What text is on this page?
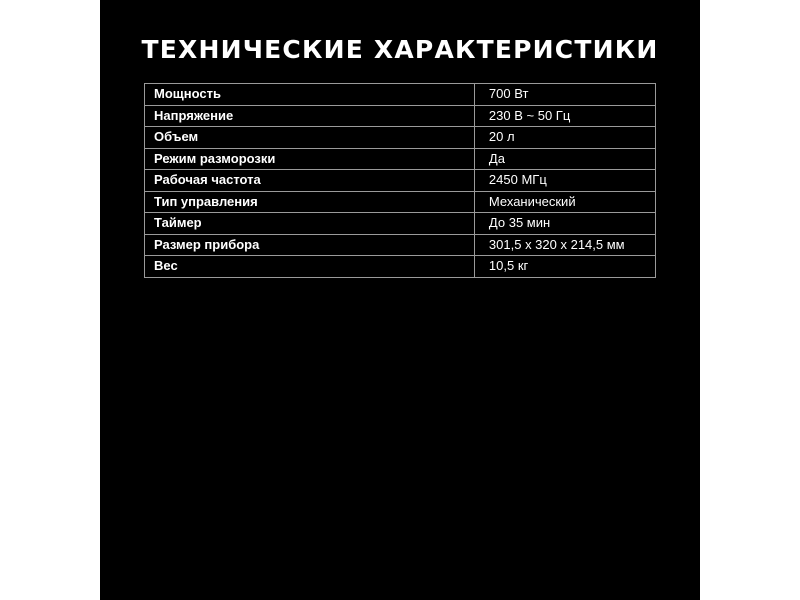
ТЕХНИЧЕСКИЕ ХАРАКТЕРИСТИКИ
Мощность	700 Вт
Напряжение	230 В ~ 50 Гц
Объем	20 л
Режим разморозки	Да
Рабочая частота	2450 МГц
Тип управления	Механический
Таймер	До 35 мин
Размер прибора	301,5 x 320 x 214,5 мм
Вес	10,5 кг
